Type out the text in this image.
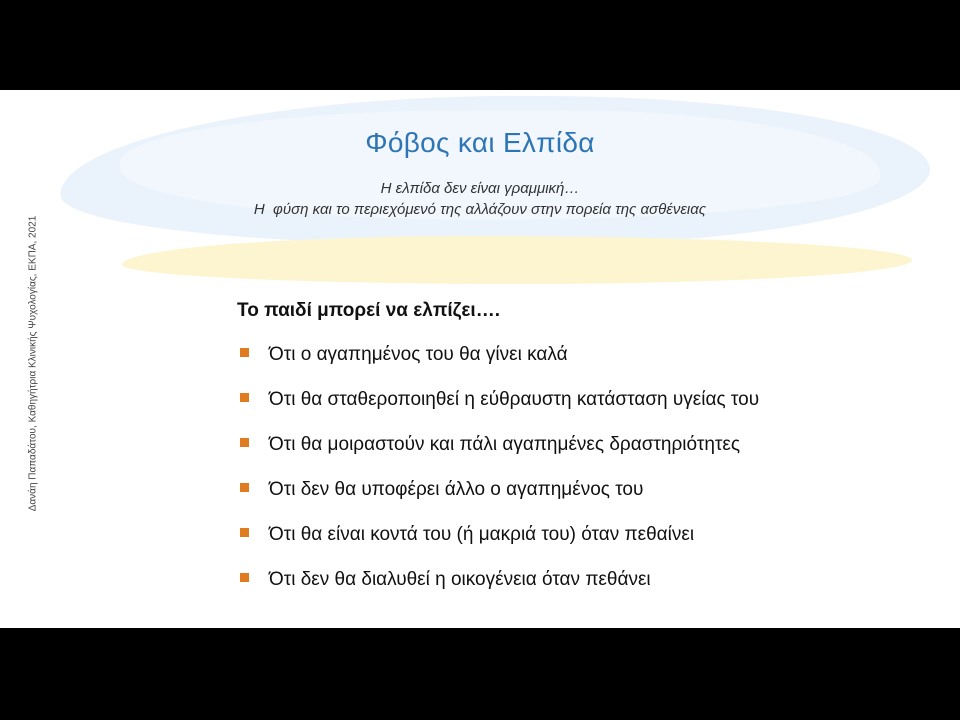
Φόβος και Ελπίδα
Η ελπίδα δεν είναι γραμμική…
Η  φύση και το περιεχόμενό της αλλάζουν στην πορεία της ασθένειας
Δανάη Παπαδάτου, Καθηγήτρια Κλινικής Ψυχολογίας, ΕΚΠΑ, 2021	Το παιδί μπορεί να ελπίζει….
Ότι ο αγαπημένος του θα γίνει καλά
Ότι θα σταθεροποιηθεί η εύθραυστη κατάσταση υγείας του
Ότι θα μοιραστούν και πάλι αγαπημένες δραστηριότητες
Ότι δεν θα υποφέρει άλλο ο αγαπημένος του
Ότι θα είναι κοντά του (ή μακριά του) όταν πεθαίνει
Ότι δεν θα διαλυθεί η οικογένεια όταν πεθάνει
